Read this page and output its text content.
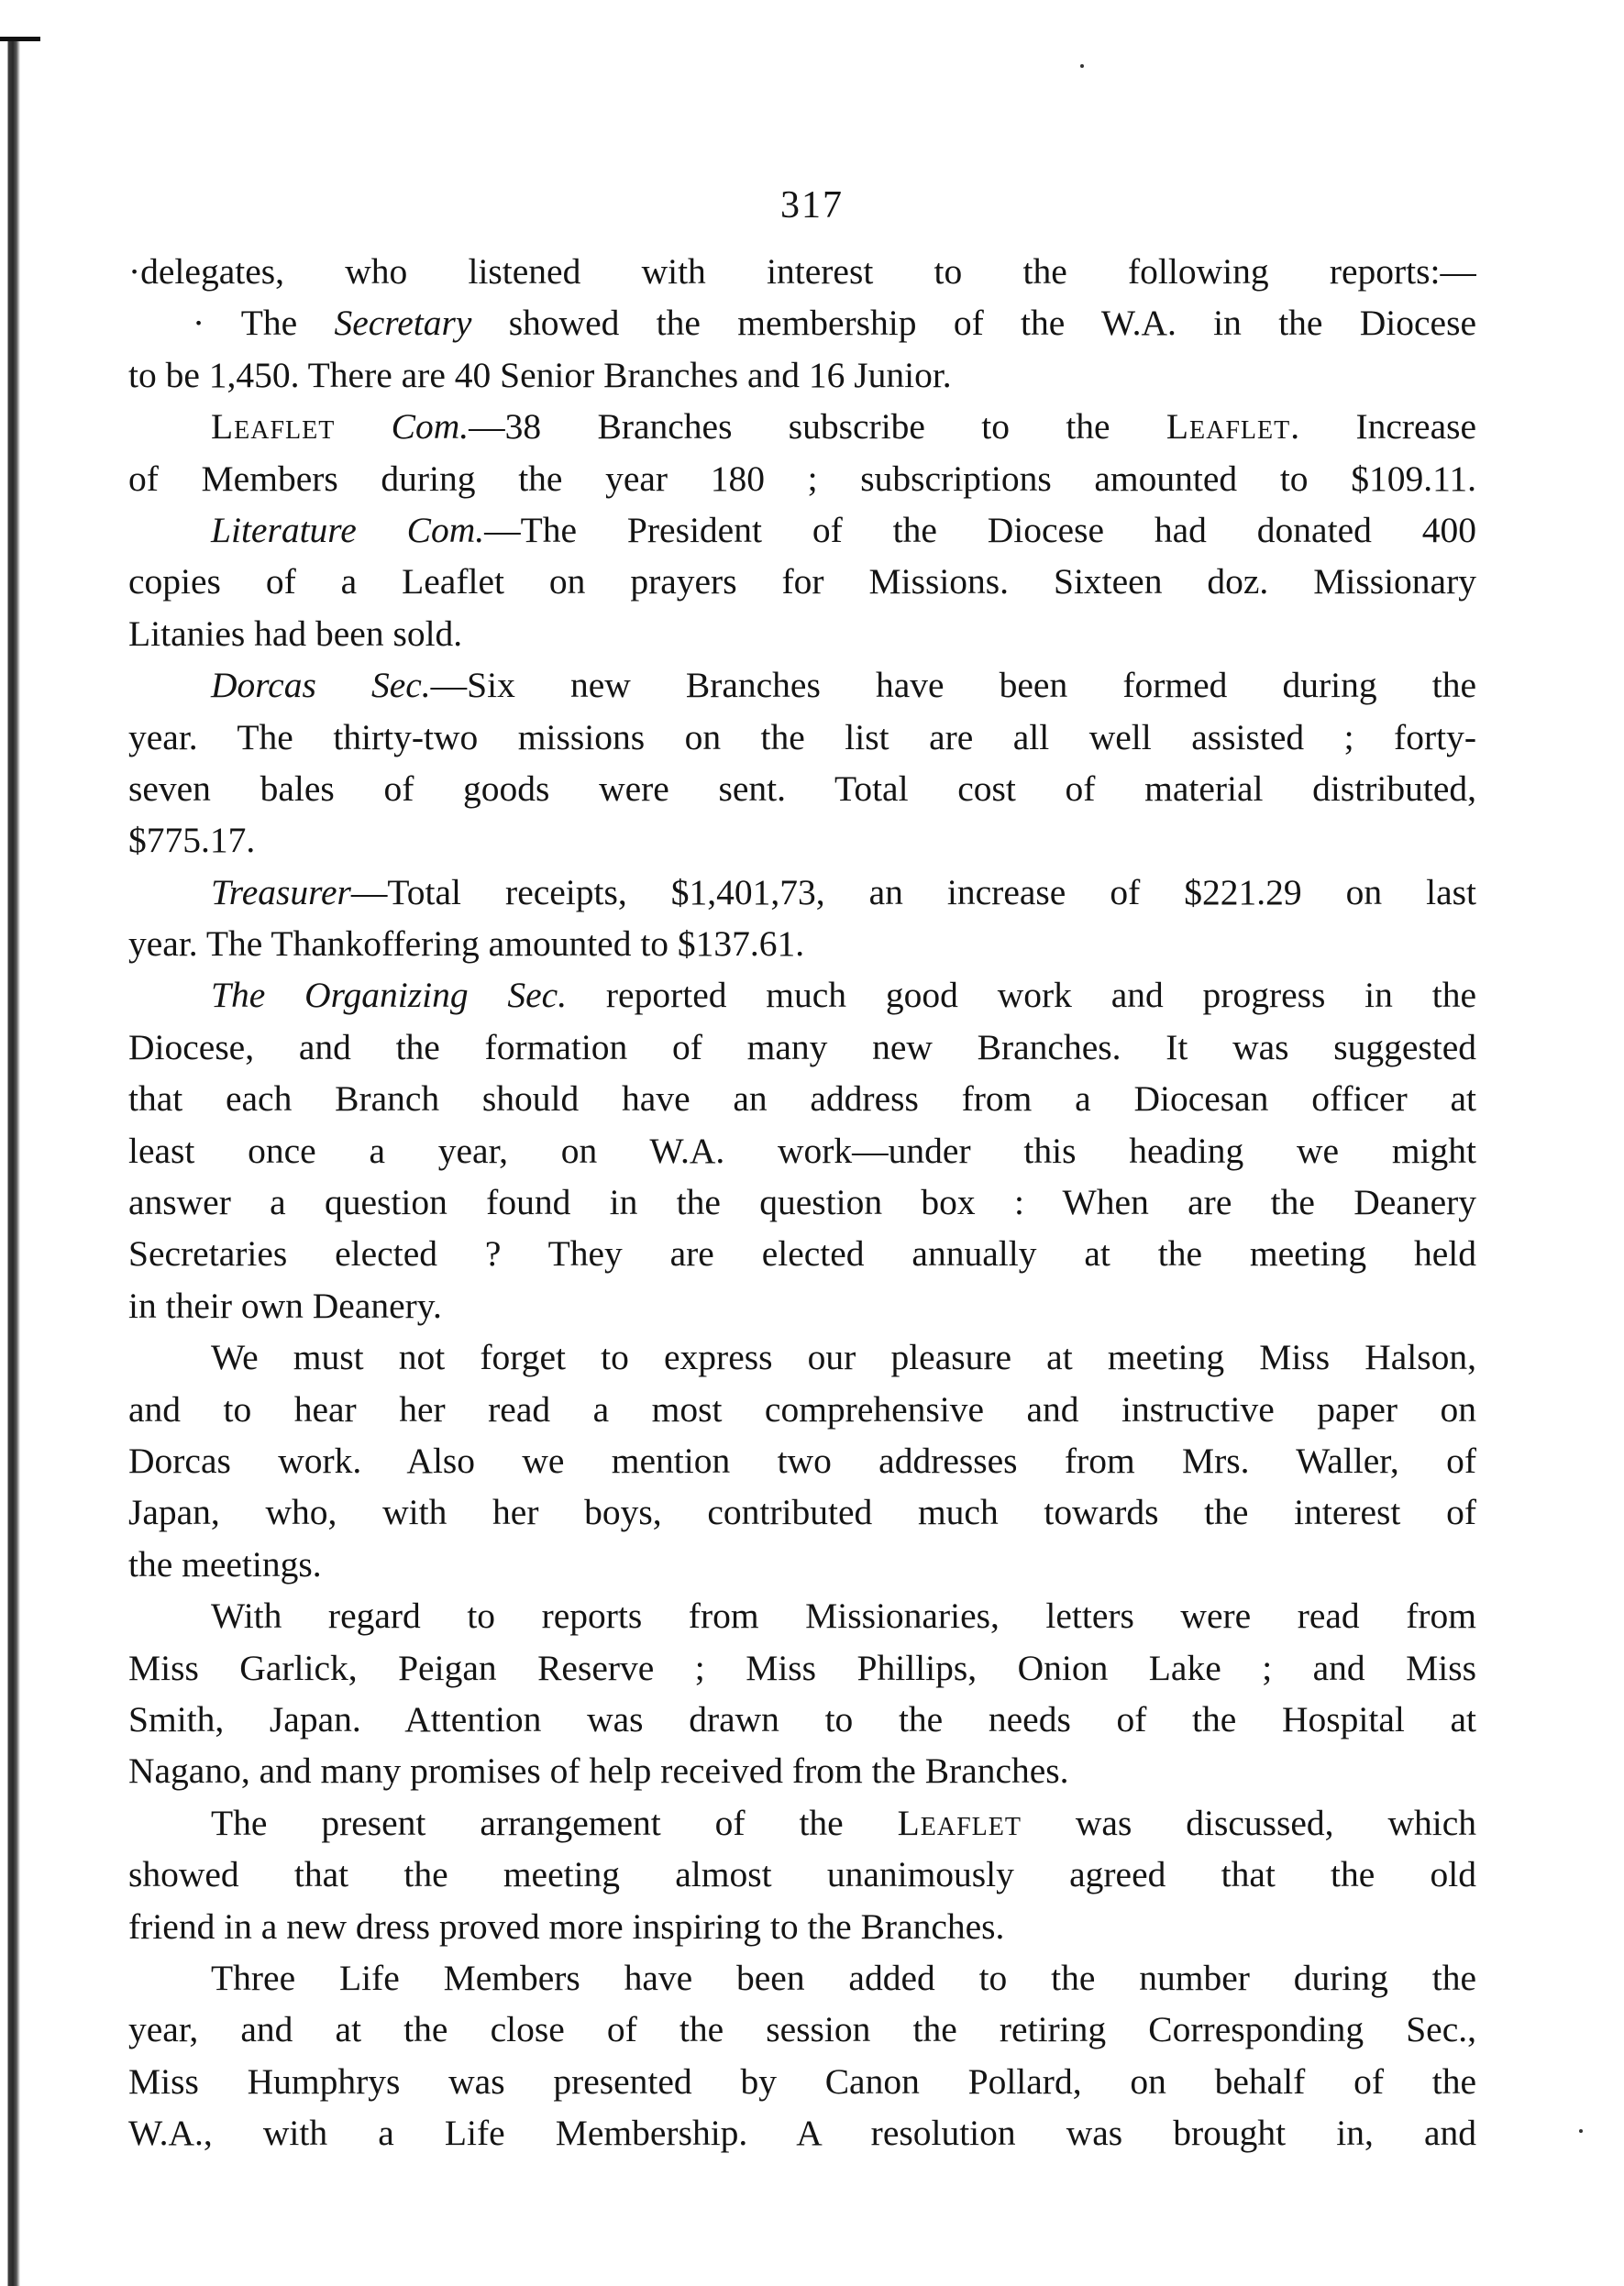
317
·delegates, who listened with interest to the following reports:—
· The Secretary showed the membership of the W.A. in the Diocese
to be 1,450. There are 40 Senior Branches and 16 Junior.
Leaflet Com.—38 Branches subscribe to the Leaflet. Increase
of Members during the year 180 ; subscriptions amounted to $109.11.
Literature Com.—The President of the Diocese had donated 400
copies of a Leaflet on prayers for Missions. Sixteen doz. Missionary
Litanies had been sold.
Dorcas Sec.—Six new Branches have been formed during the
year. The thirty-two missions on the list are all well assisted ; forty-
seven bales of goods were sent. Total cost of material distributed,
$775.17.
Treasurer—Total receipts, $1,401,73, an increase of $221.29 on last
year. The Thankoffering amounted to $137.61.
The Organizing Sec. reported much good work and progress in the
Diocese, and the formation of many new Branches. It was suggested
that each Branch should have an address from a Diocesan officer at
least once a year, on W.A. work—under this heading we might
answer a question found in the question box : When are the Deanery
Secretaries elected ? They are elected annually at the meeting held
in their own Deanery.
We must not forget to express our pleasure at meeting Miss Halson,
and to hear her read a most comprehensive and instructive paper on
Dorcas work. Also we mention two addresses from Mrs. Waller, of
Japan, who, with her boys, contributed much towards the interest of
the meetings.
With regard to reports from Missionaries, letters were read from
Miss Garlick, Peigan Reserve ; Miss Phillips, Onion Lake ; and Miss
Smith, Japan. Attention was drawn to the needs of the Hospital at
Nagano, and many promises of help received from the Branches.
The present arrangement of the Leaflet was discussed, which
showed that the meeting almost unanimously agreed that the old
friend in a new dress proved more inspiring to the Branches.
Three Life Members have been added to the number during the
year, and at the close of the session the retiring Corresponding Sec.,
Miss Humphrys was presented by Canon Pollard, on behalf of the
W.A., with a Life Membership. A resolution was brought in, and
